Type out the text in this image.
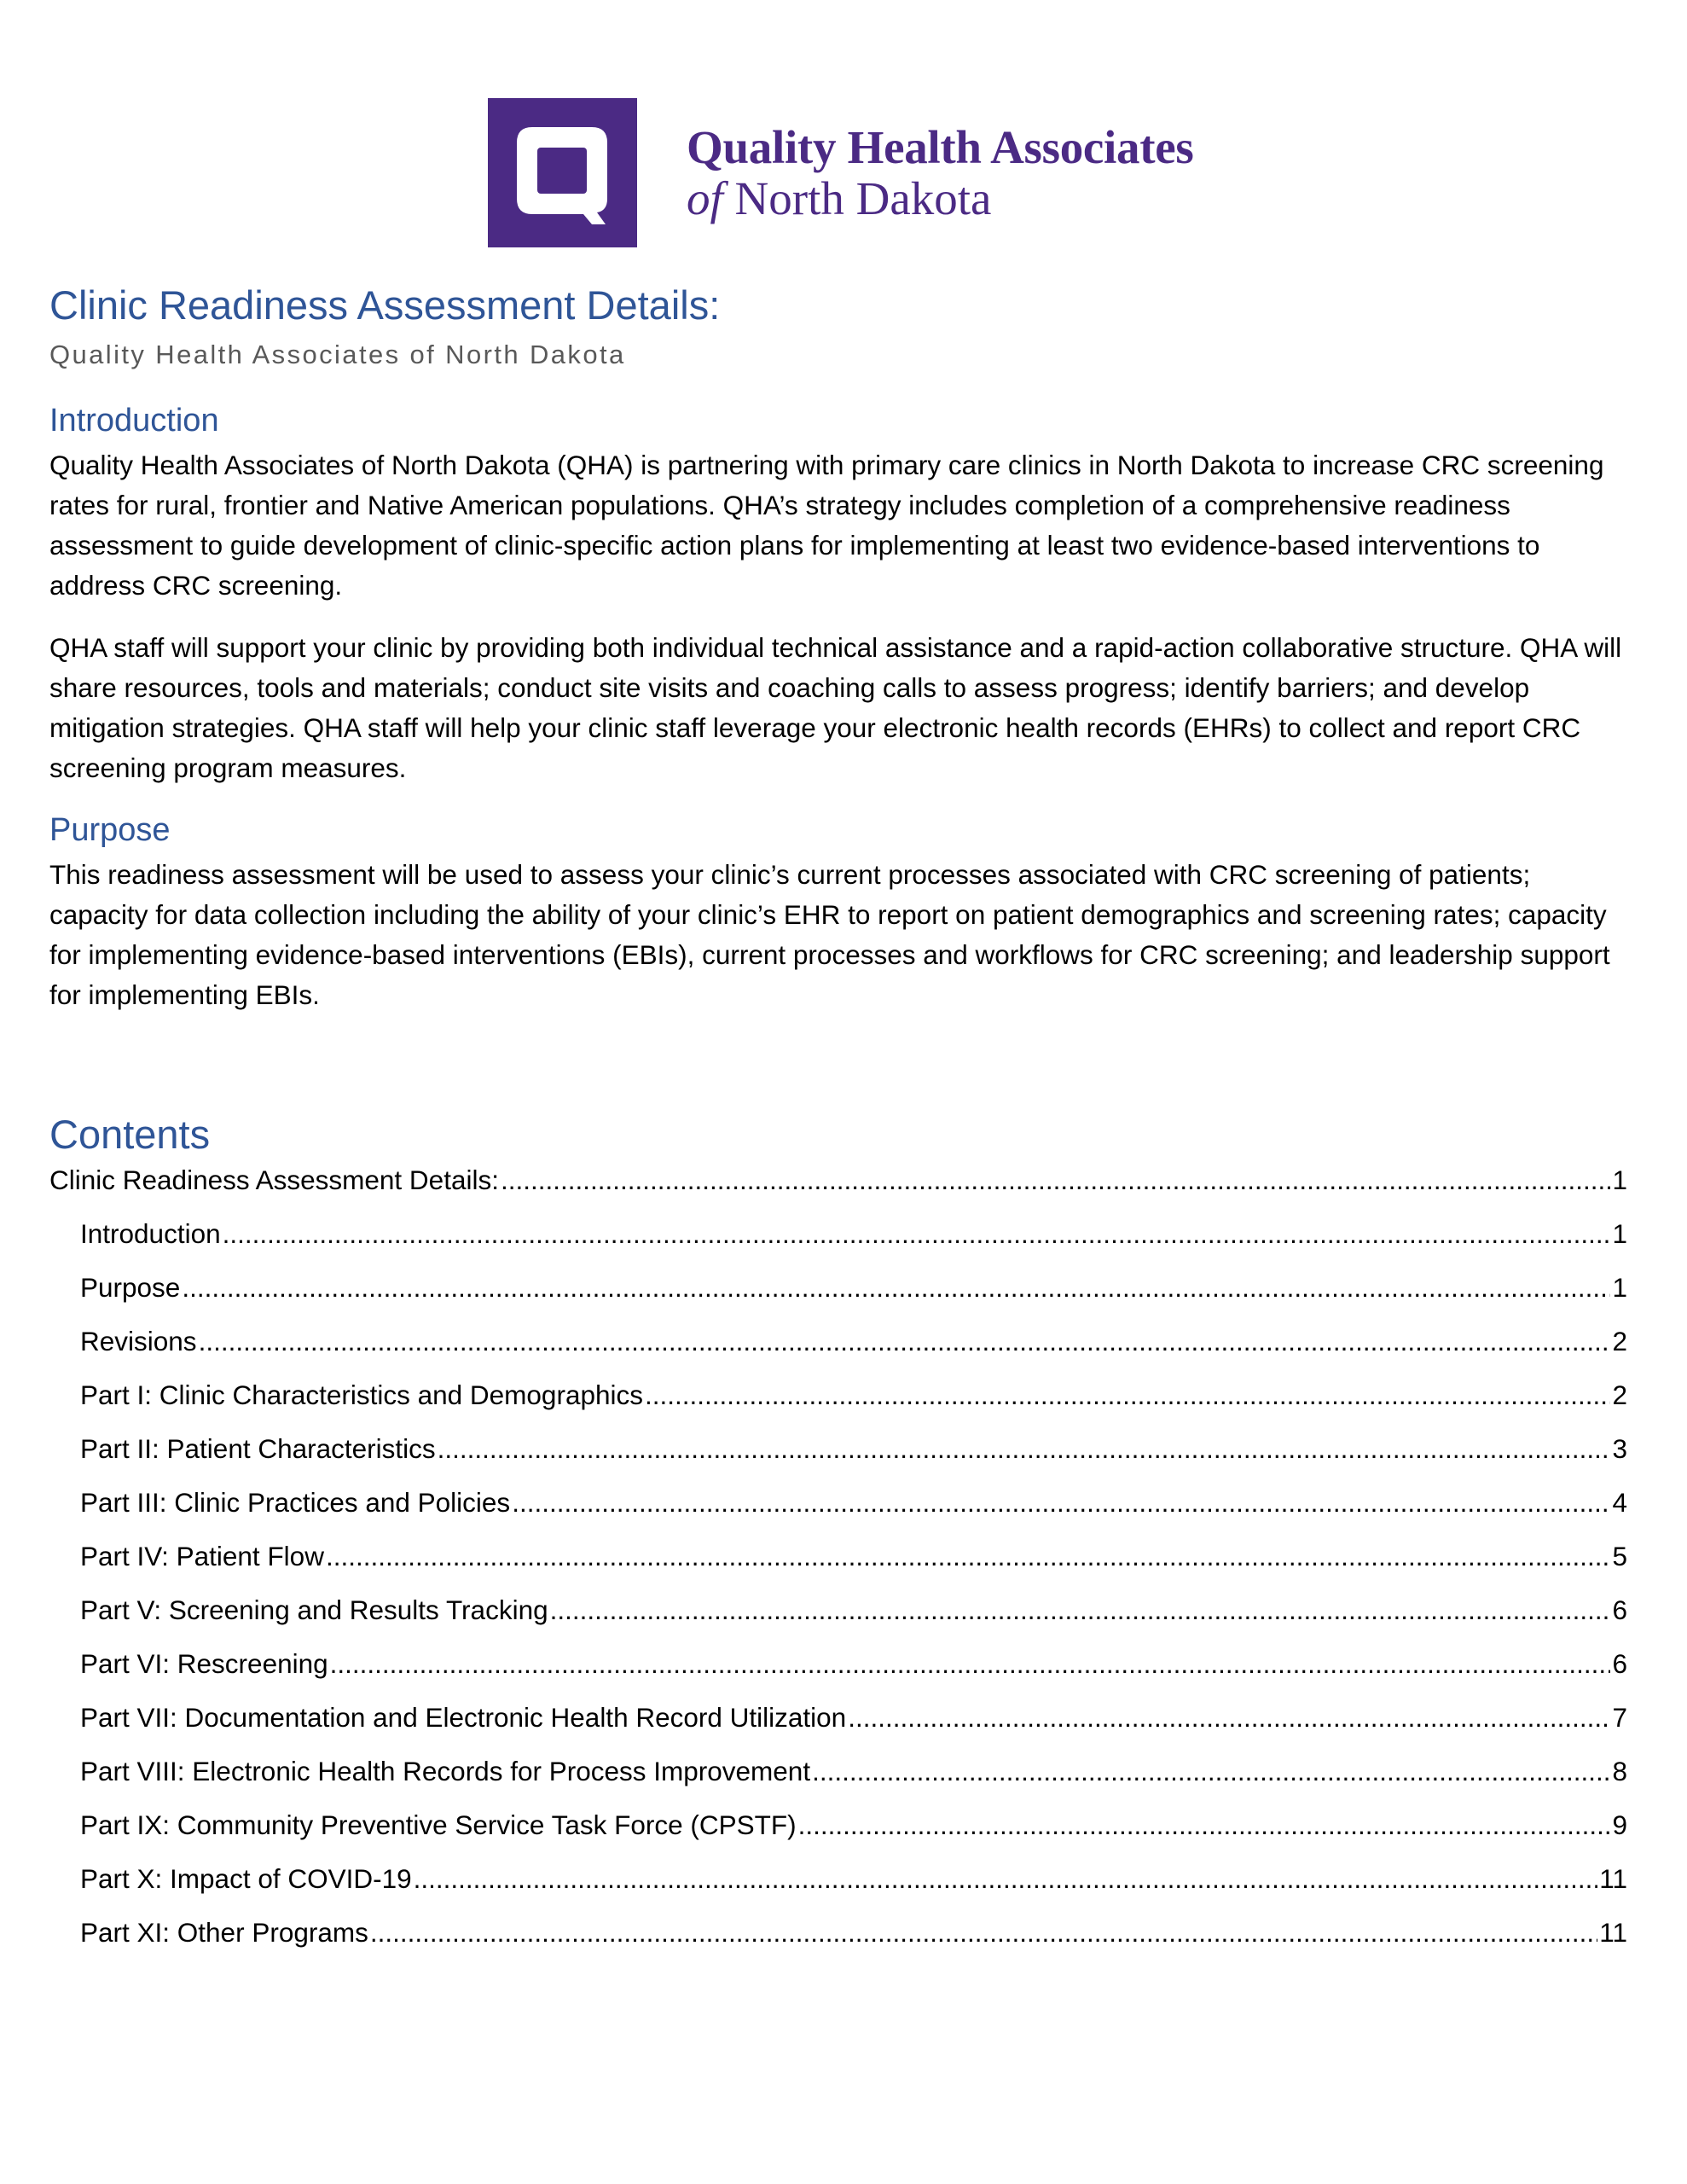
Quality Health Associates
of North Dakota
Clinic Readiness Assessment Details:
Quality Health Associates of North Dakota
Introduction

Quality Health Associates of North Dakota (QHA) is partnering with primary care clinics in North Dakota to increase CRC screening rates for rural, frontier and Native American populations. QHA’s strategy includes completion of a comprehensive readiness assessment to guide development of clinic-specific action plans for implementing at least two evidence-based interventions to address CRC screening.

QHA staff will support your clinic by providing both individual technical assistance and a rapid-action collaborative structure. QHA will share resources, tools and materials; conduct site visits and coaching calls to assess progress; identify barriers; and develop mitigation strategies. QHA staff will help your clinic staff leverage your electronic health records (EHRs) to collect and report CRC screening program measures.

Purpose

This readiness assessment will be used to assess your clinic’s current processes associated with CRC screening of patients; capacity for data collection including the ability of your clinic’s EHR to report on patient demographics and screening rates; capacity for implementing evidence-based interventions (EBIs), current processes and workflows for CRC screening; and leadership support for implementing EBIs.

Contents
Clinic Readiness Assessment Details: .....	1
Introduction .....	1
Purpose .....	1
Revisions .....	2
Part I: Clinic Characteristics and Demographics .....	2
Part II: Patient Characteristics .....	3
Part III: Clinic Practices and Policies .....	4
Part IV: Patient Flow .....	5
Part V: Screening and Results Tracking .....	6
Part VI: Rescreening .....	6
Part VII: Documentation and Electronic Health Record Utilization .....	7
Part VIII: Electronic Health Records for Process Improvement .....	8
Part IX: Community Preventive Service Task Force (CPSTF) .....	9
Part X: Impact of COVID-19 .....	11
Part XI: Other Programs .....	11
